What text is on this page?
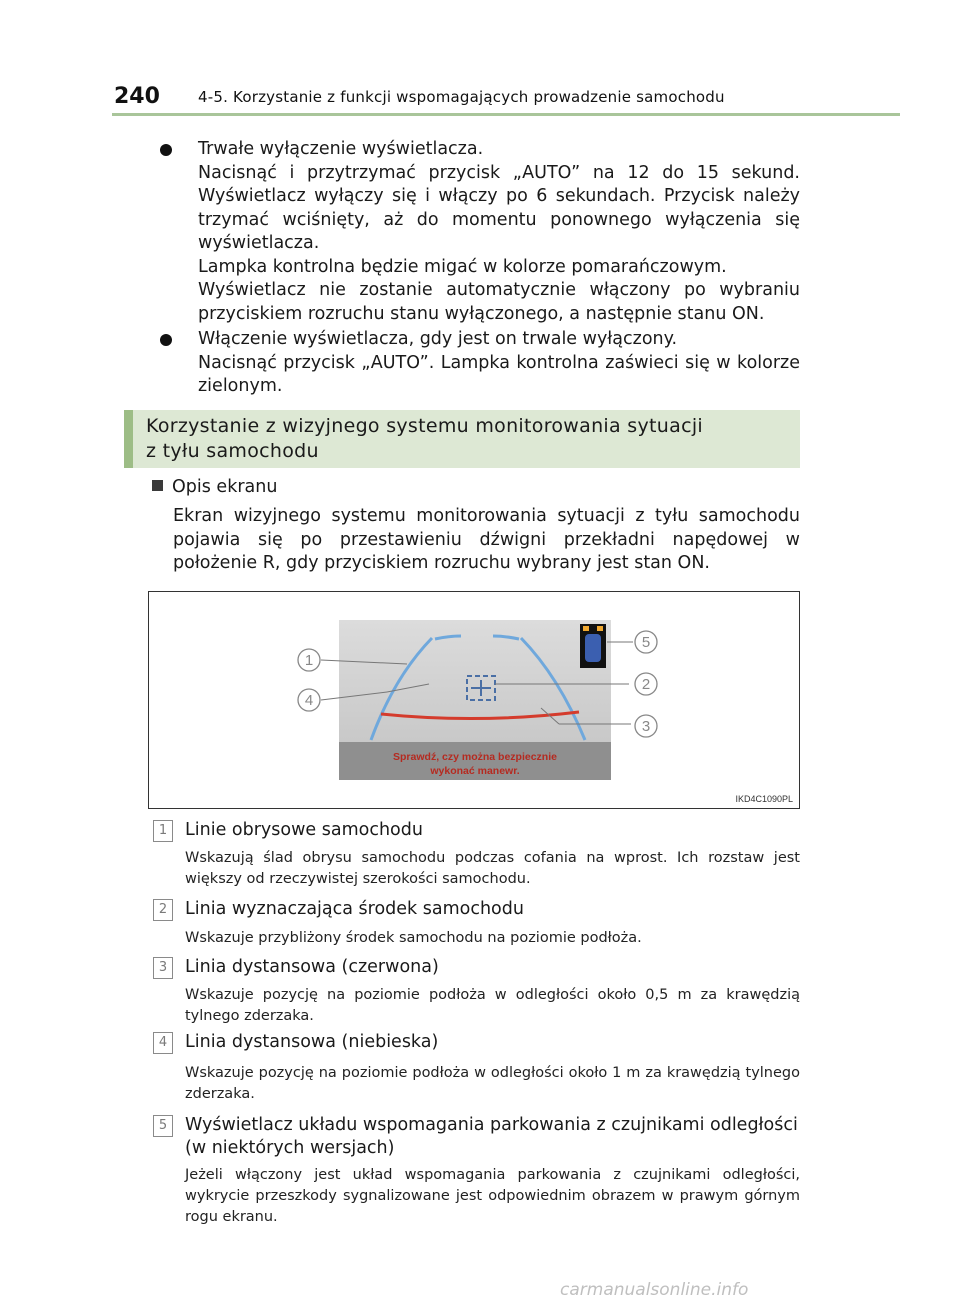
240	4-5. Korzystanie z funkcji wspomagających prowadzenie samochodu

Trwałe wyłączenie wyświetlacza.

Nacisnąć i przytrzymać przycisk „AUTO” na 12 do 15 sekund. Wyświetlacz wyłączy się i włączy po 6 sekundach. Przycisk należy trzymać wciśnięty, aż do momentu ponownego wyłączenia się wyświetlacza.

Lampka kontrolna będzie migać w kolorze pomarańczowym.

Wyświetlacz nie zostanie automatycznie włączony po wybraniu przyciskiem rozruchu stanu wyłączonego, a następnie stanu ON.

Włączenie wyświetlacza, gdy jest on trwale wyłączony.

Nacisnąć przycisk „AUTO”. Lampka kontrolna zaświeci się w kolorze zielonym.

Korzystanie z wizyjnego systemu monitorowania sytuacji
z tyłu samochodu
Opis ekranu
Ekran wizyjnego systemu monitorowania sytuacji z tyłu samochodu pojawia się po przestawieniu dźwigni przekładni napędowej w położenie R, gdy przyciskiem rozruchu wybrany jest stan ON.
Sprawdź, czy można bezpiecznie
wykonać manewr.
1
2
3
4
5
IKD4C1090PL
1	Linie obrysowe samochodu
Wskazują ślad obrysu samochodu podczas cofania na wprost. Ich rozstaw jest większy od rzeczywistej szerokości samochodu.
2	Linia wyznaczająca środek samochodu
Wskazuje przybliżony środek samochodu na poziomie podłoża.
3	Linia dystansowa (czerwona)
Wskazuje pozycję na poziomie podłoża w odległości około 0,5 m za krawędzią tylnego zderzaka.
4	Linia dystansowa (niebieska)
Wskazuje pozycję na poziomie podłoża w odległości około 1 m za krawędzią tylnego zderzaka.
5	Wyświetlacz układu wspomagania parkowania z czujnikami odległości (w niektórych wersjach)
Jeżeli włączony jest układ wspomagania parkowania z czujnikami odległości, wykrycie przeszkody sygnalizowane jest odpowiednim obrazem w prawym górnym rogu ekranu.
carmanualsonline.info
